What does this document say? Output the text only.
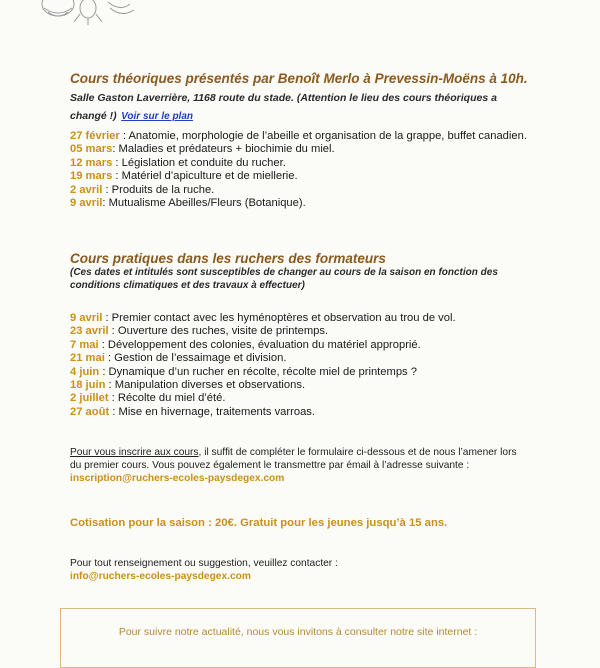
Cours théoriques présentés par Benoît Merlo à Prevessin-Moëns à 10h. Salle Gaston Laverrière, 1168 route du stade. (Attention le lieu des cours théoriques a changé !) Voir sur le plan

27 février : Anatomie, morphologie de l’abeille et organisation de la grappe, buffet canadien.

05 mars: Maladies et prédateurs + biochimie du miel.

12 mars : Législation et conduite du rucher.

19 mars : Matériel d’apiculture et de miellerie.

2 avril : Produits de la ruche.

9 avril: Mutualisme Abeilles/Fleurs (Botanique).

Cours pratiques dans les ruchers des formateurs
(Ces dates et intitulés sont susceptibles de changer au cours de la saison en fonction des conditions climatiques et des travaux à effectuer)

9 avril : Premier contact avec les hyménoptères et observation au trou de vol.

23 avril : Ouverture des ruches, visite de printemps.

7 mai : Développement des colonies, évaluation du matériel approprié.

21 mai : Gestion de l’essaimage et division.

4 juin : Dynamique d’un rucher en récolte, récolte miel de printemps ?

18 juin : Manipulation diverses et observations.

2 juillet : Récolte du miel d’été.

27 août : Mise en hivernage, traitements varroas.

Pour vous inscrire aux cours, il suffit de compléter le formulaire ci-dessous et de nous l’amener lors du premier cours. Vous pouvez également le transmettre par émail à l’adresse suivante : inscription@ruchers-ecoles-paysdegex.com
Cotisation pour la saison : 20€. Gratuit pour les jeunes jusqu’à 15 ans.
Pour tout renseignement ou suggestion, veuillez contacter :
info@ruchers-ecoles-paysdegex.com
Pour suivre notre actualité, nous vous invitons à consulter notre site internet :
